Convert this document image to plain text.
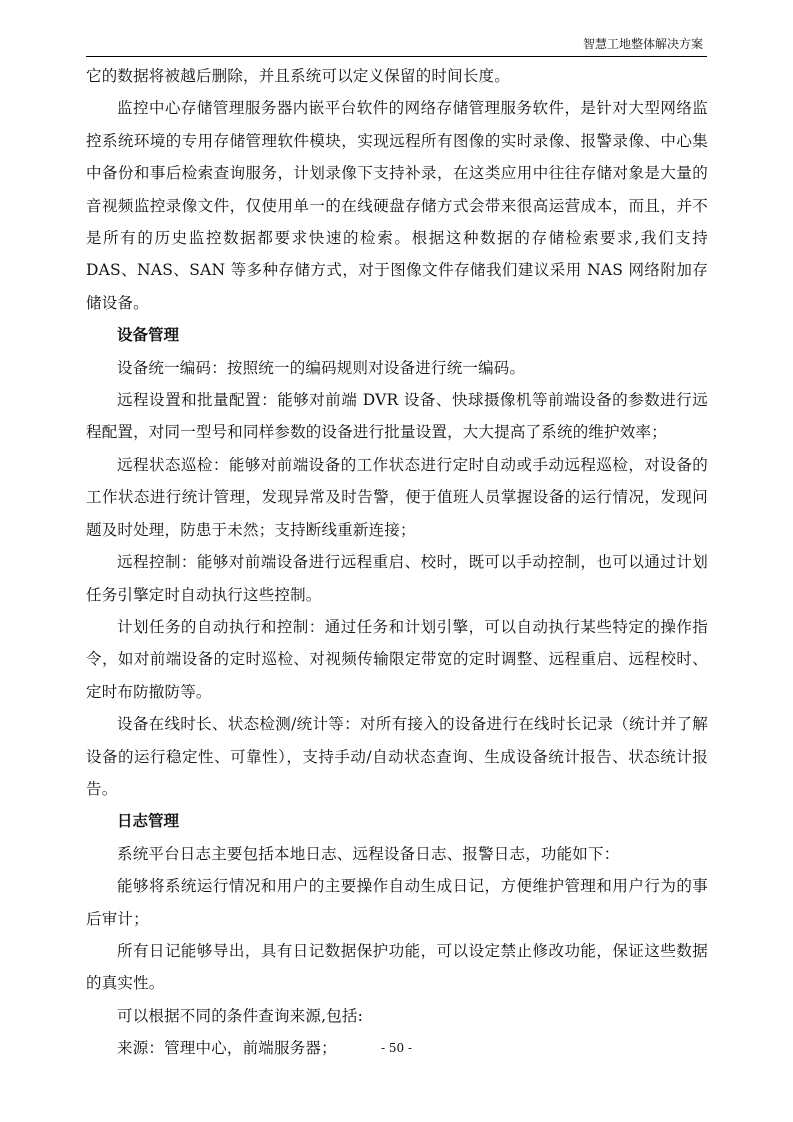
智慧工地整体解决方案

它的数据将被越后删除，并且系统可以定义保留的时间长度。

监控中心存储管理服务器内嵌平台软件的网络存储管理服务软件，是针对大型网络监控系统环境的专用存储管理软件模块，实现远程所有图像的实时录像、报警录像、中心集中备份和事后检索查询服务，计划录像下支持补录，在这类应用中往往存储对象是大量的音视频监控录像文件，仅使用单一的在线硬盘存储方式会带来很高运营成本，而且，并不是所有的历史监控数据都要求快速的检索。根据这种数据的存储检索要求,我们支持 DAS、NAS、SAN 等多种存储方式，对于图像文件存储我们建议采用 NAS 网络附加存储设备。

设备管理

设备统一编码：按照统一的编码规则对设备进行统一编码。

远程设置和批量配置：能够对前端 DVR 设备、快球摄像机等前端设备的参数进行远程配置，对同一型号和同样参数的设备进行批量设置，大大提高了系统的维护效率；

远程状态巡检：能够对前端设备的工作状态进行定时自动或手动远程巡检，对设备的工作状态进行统计管理，发现异常及时告警，便于值班人员掌握设备的运行情况，发现问题及时处理，防患于未然；支持断线重新连接；

远程控制：能够对前端设备进行远程重启、校时，既可以手动控制，也可以通过计划任务引擎定时自动执行这些控制。

计划任务的自动执行和控制：通过任务和计划引擎，可以自动执行某些特定的操作指令，如对前端设备的定时巡检、对视频传输限定带宽的定时调整、远程重启、远程校时、定时布防撤防等。

设备在线时长、状态检测/统计等：对所有接入的设备进行在线时长记录（统计并了解设备的运行稳定性、可靠性），支持手动/自动状态查询、生成设备统计报告、状态统计报告。

日志管理

系统平台日志主要包括本地日志、远程设备日志、报警日志，功能如下：

能够将系统运行情况和用户的主要操作自动生成日记，方便维护管理和用户行为的事后审计；

所有日记能够导出，具有日记数据保护功能，可以设定禁止修改功能，保证这些数据的真实性。

可以根据不同的条件查询来源,包括:

来源：管理中心，前端服务器；	- 50 -
